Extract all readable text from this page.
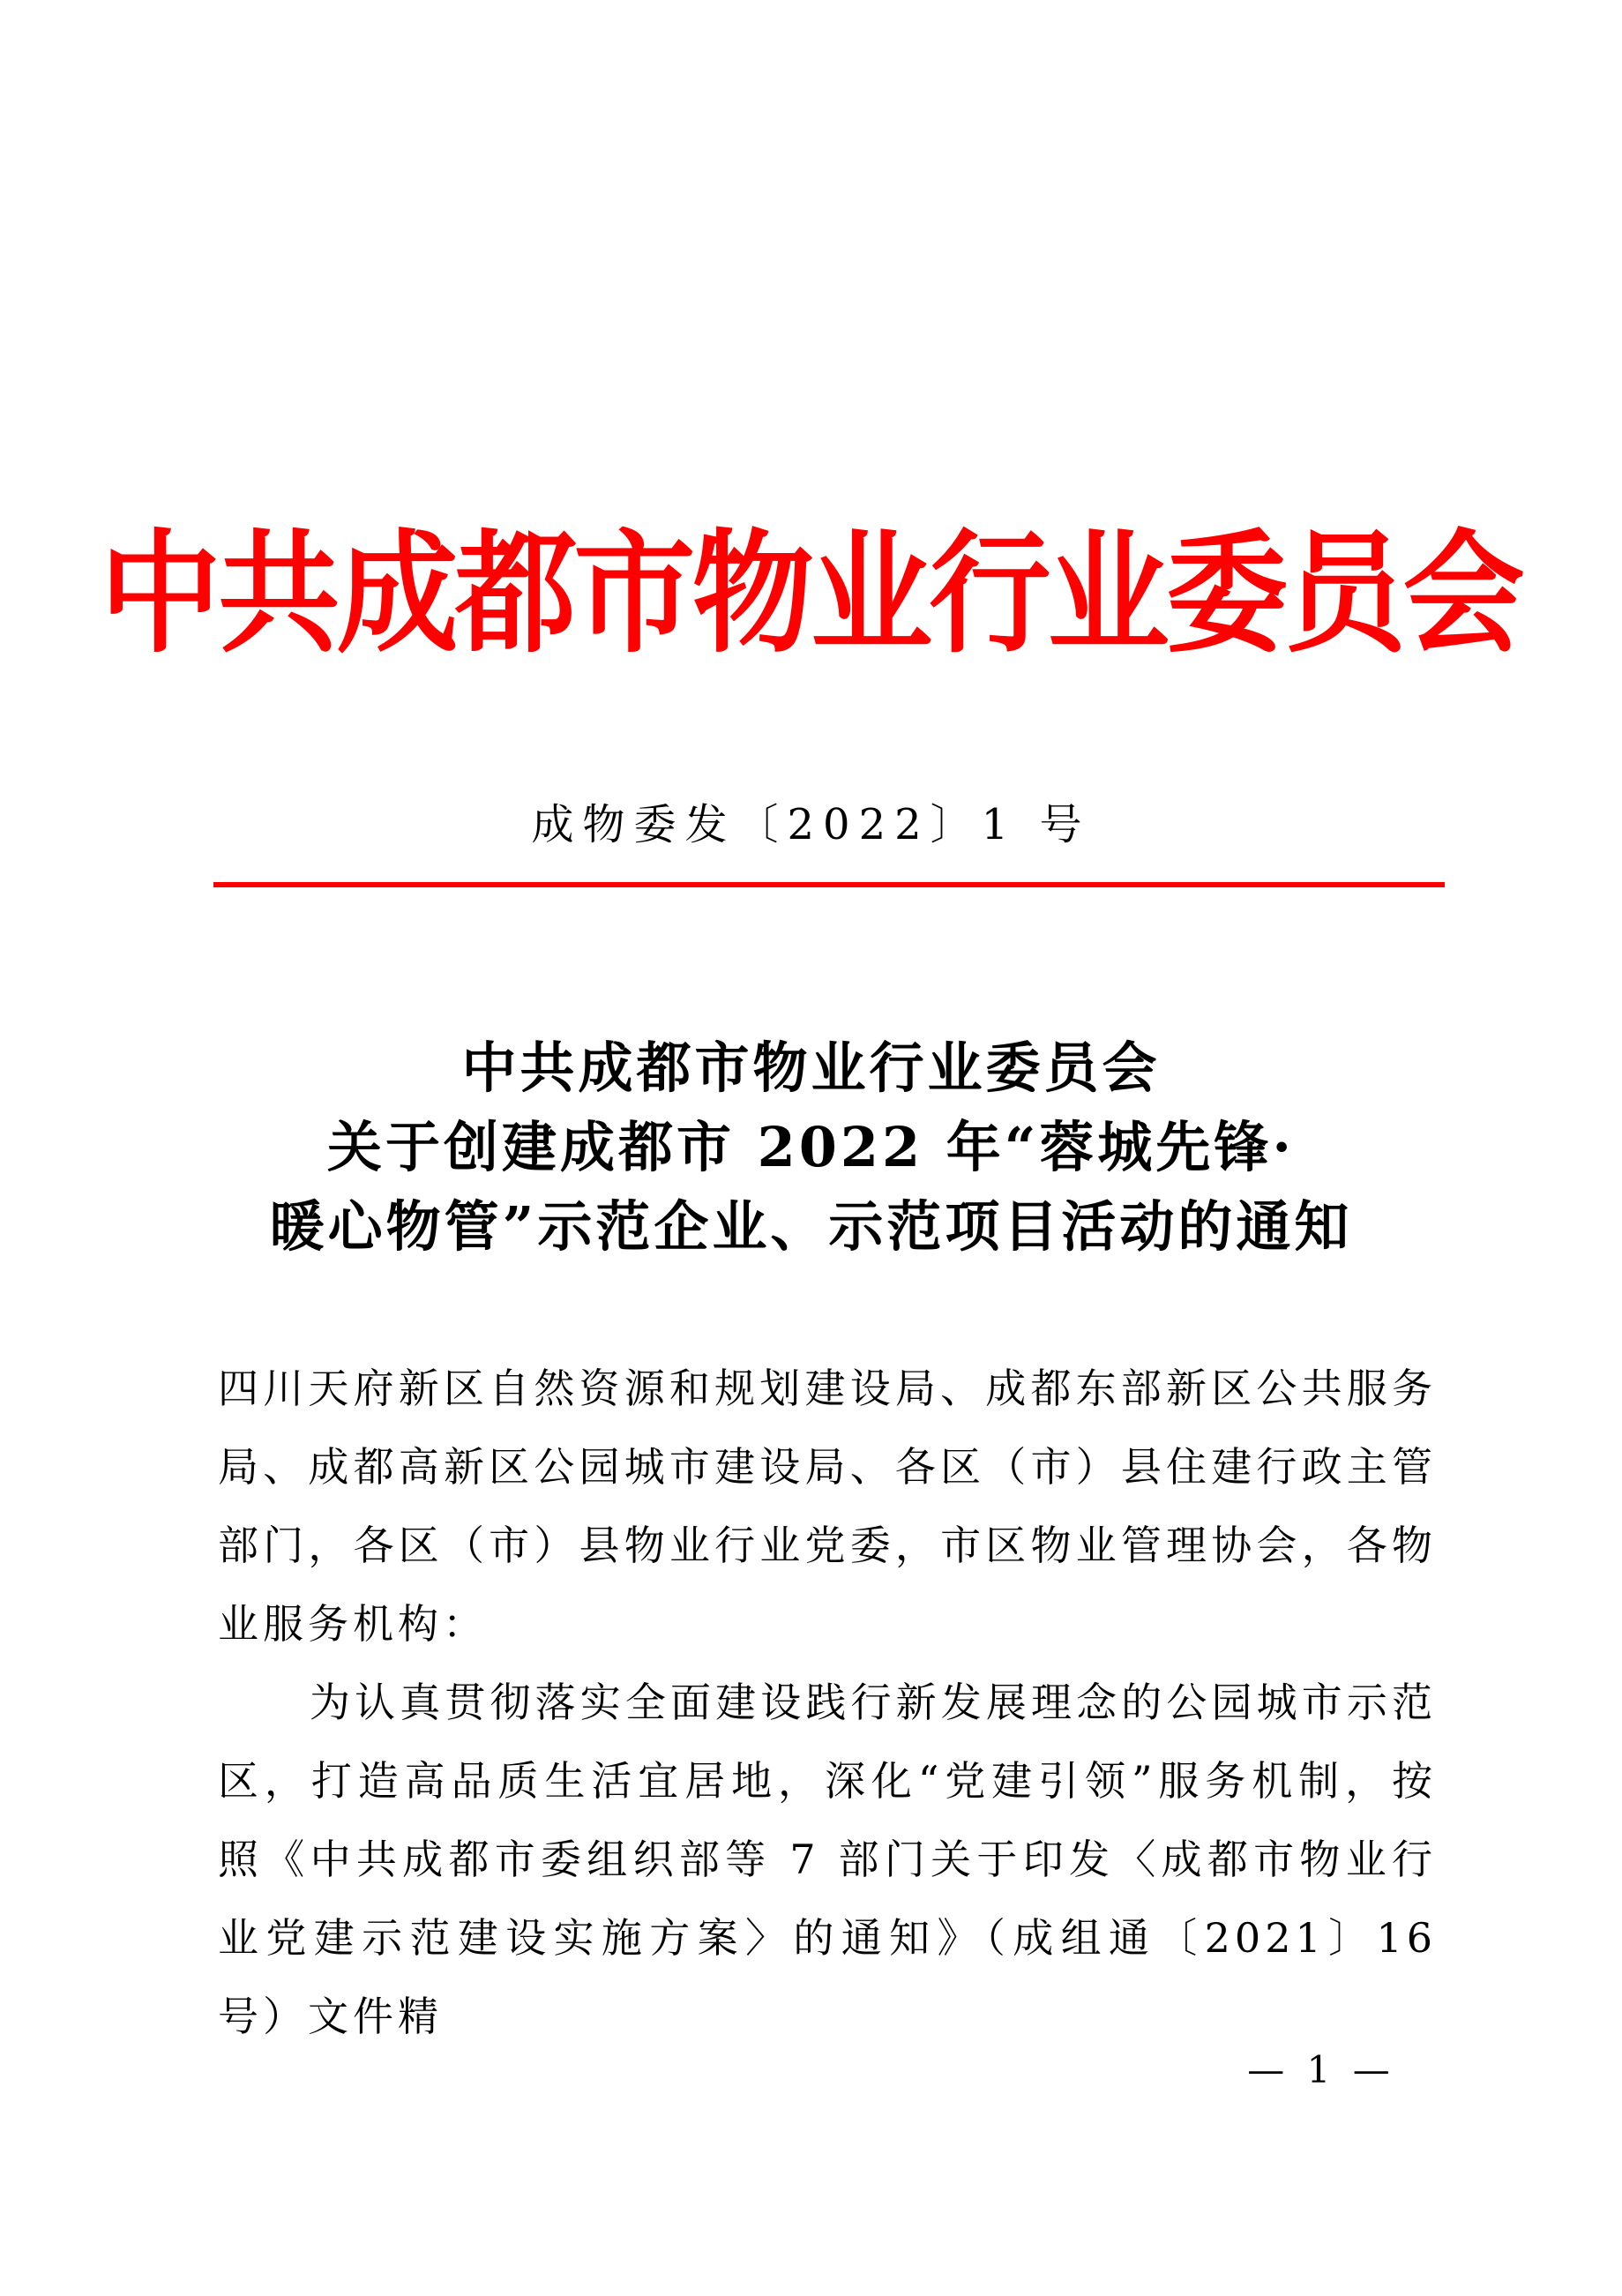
中共成都市物业行业委员会
成物委发〔2022〕1 号
中共成都市物业行业委员会
关于创建成都市 2022 年“蓉城先锋·
暖心物管”示范企业、示范项目活动的通知

四川天府新区自然资源和规划建设局、成都东部新区公共服务局、成都高新区公园城市建设局、各区（市）县住建行政主管部门，各区（市）县物业行业党委，市区物业管理协会，各物业服务机构：

为认真贯彻落实全面建设践行新发展理念的公园城市示范区，打造高品质生活宜居地，深化“党建引领”服务机制，按照《中共成都市委组织部等 7 部门关于印发〈成都市物业行业党建示范建设实施方案〉的通知》（成组通〔2021〕16 号）文件精

— 1 —
